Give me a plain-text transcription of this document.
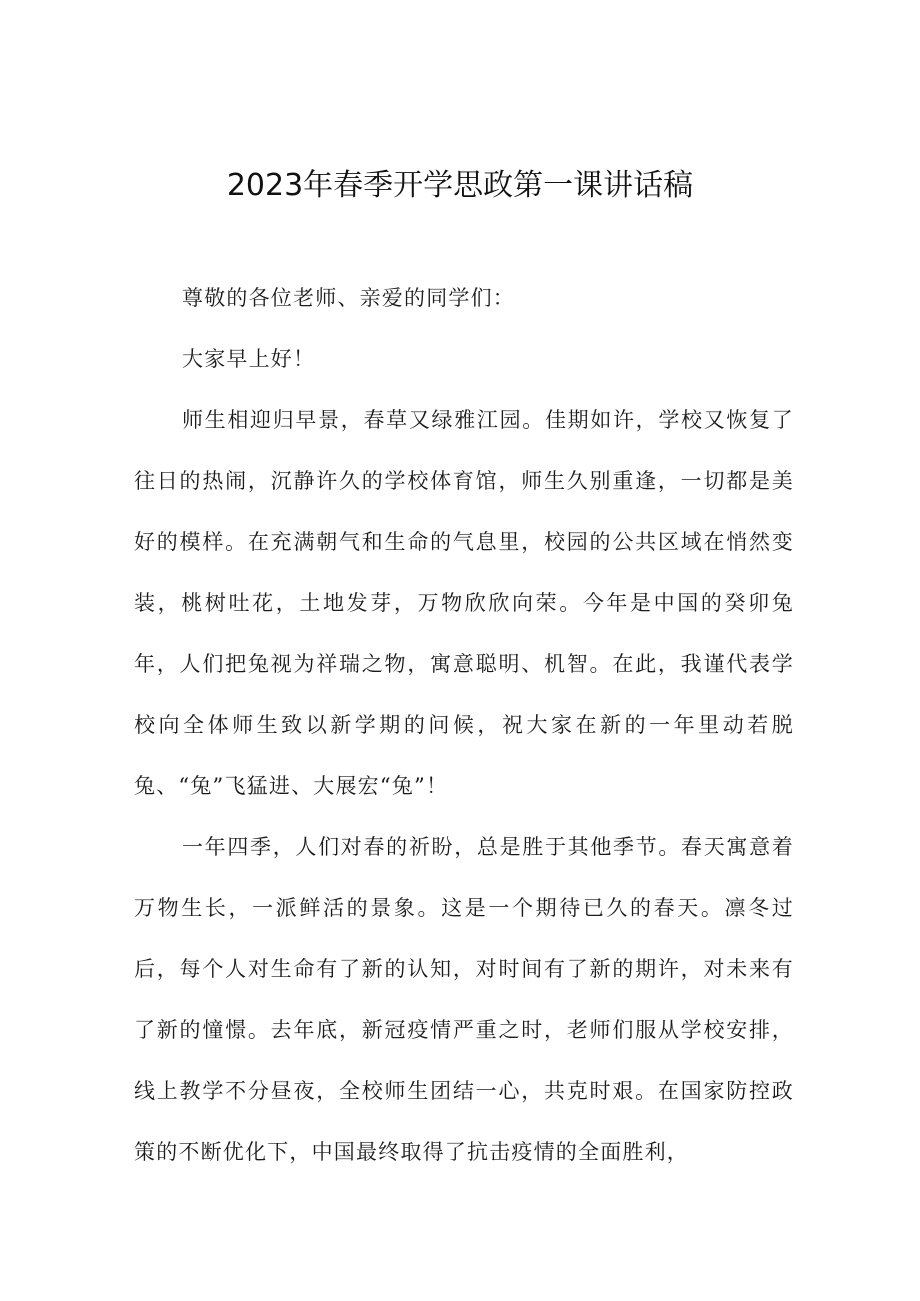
2023年春季开学思政第一课讲话稿

尊敬的各位老师、亲爱的同学们：

大家早上好！

师生相迎归早景，春草又绿雅江园。佳期如许，学校又恢复了往日的热闹，沉静许久的学校体育馆，师生久别重逢，一切都是美好的模样。在充满朝气和生命的气息里，校园的公共区域在悄然变装，桃树吐花，土地发芽，万物欣欣向荣。今年是中国的癸卯兔年，人们把兔视为祥瑞之物，寓意聪明、机智。在此，我谨代表学校向全体师生致以新学期的问候，祝大家在新的一年里动若脱兔、“兔”飞猛进、大展宏“兔”！

一年四季，人们对春的祈盼，总是胜于其他季节。春天寓意着万物生长，一派鲜活的景象。这是一个期待已久的春天。凛冬过后，每个人对生命有了新的认知，对时间有了新的期许，对未来有了新的憧憬。去年底，新冠疫情严重之时，老师们服从学校安排，线上教学不分昼夜，全校师生团结一心，共克时艰。在国家防控政策的不断优化下，中国最终取得了抗击疫情的全面胜利，
